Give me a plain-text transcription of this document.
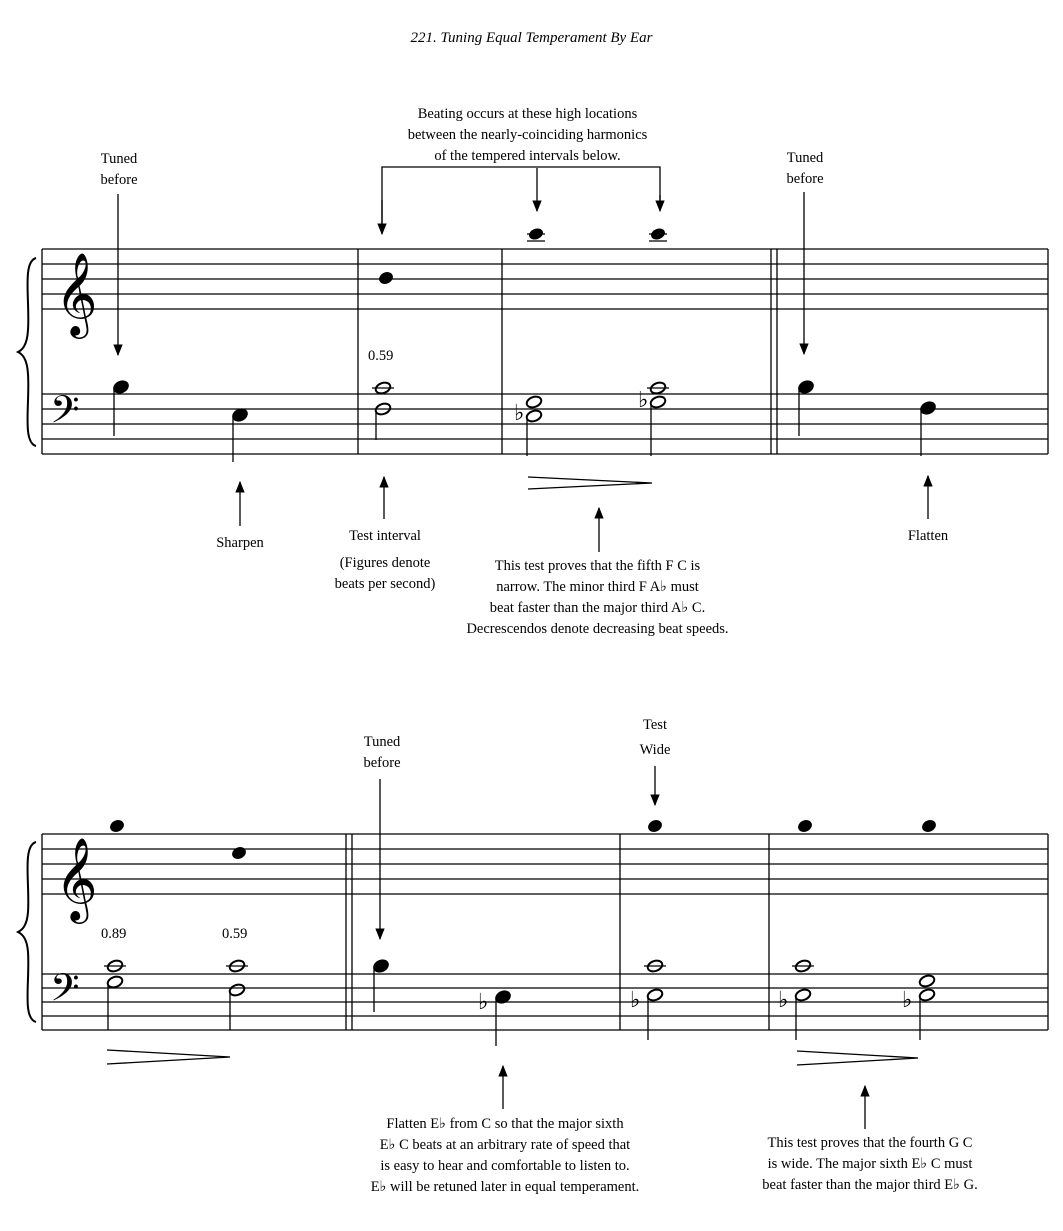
221. Tuning Equal Temperament By Ear
Beating occurs at these high locations
between the nearly-coinciding harmonics
of the tempered intervals below.
Tuned
before
Tuned
before
0.59
Sharpen	Test interval
(Figures denote
beats per second)
This test proves that the fifth F C is
narrow. The minor third F A♭ must
beat faster than the major third A♭ C.
Decrescendos denote decreasing beat speeds.
Flatten
0.89	0.59
Tuned
before
Test
Wide
Flatten E♭ from C so that the major sixth
E♭ C beats at an arbitrary rate of speed that
is easy to hear and comfortable to listen to.
E♭ will be retuned later in equal temperament.
This test proves that the fourth G C
is wide. The major sixth E♭ C must
beat faster than the major third E♭ G.
𝄞
𝄢	♭
♭
𝄞
𝄢	♭	♭	♭	♭
